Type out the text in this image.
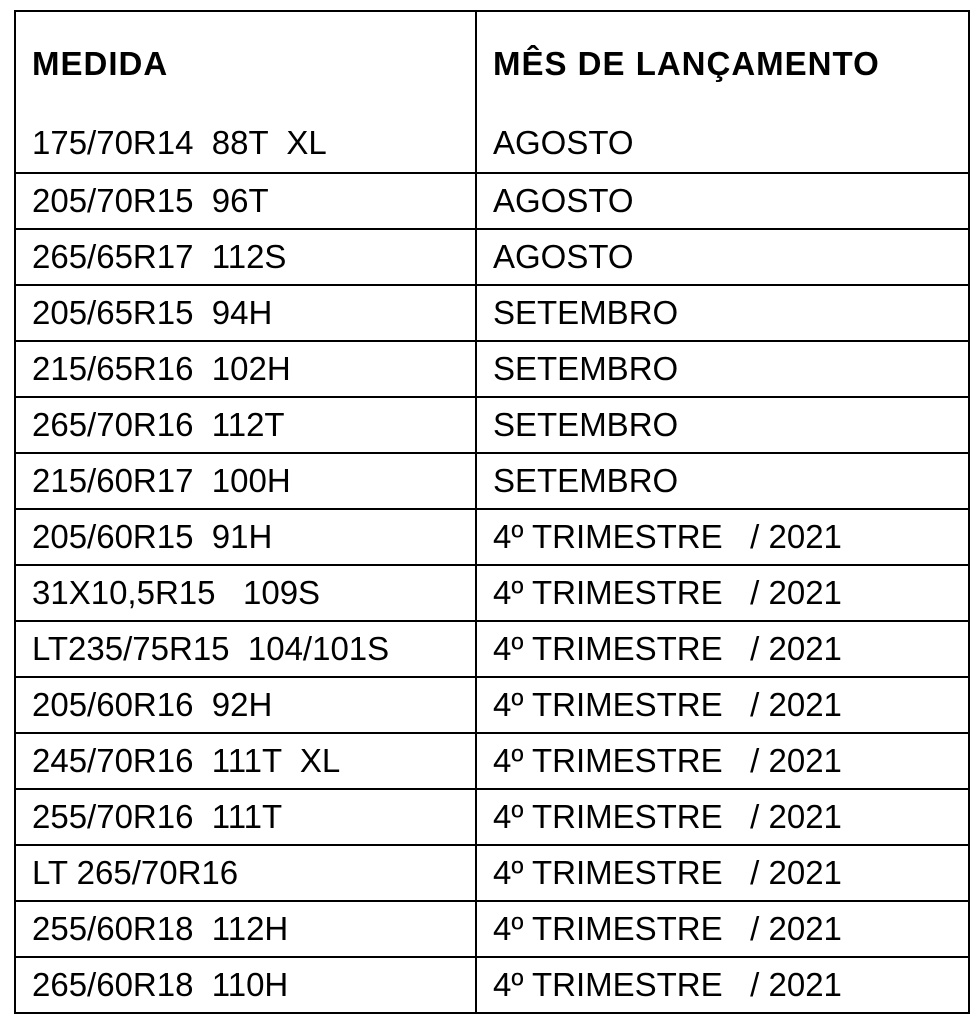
MEDIDA	MÊS DE LANÇAMENTO
175/70R14  88T  XL	AGOSTO
205/70R15  96T	AGOSTO
265/65R17  112S	AGOSTO
205/65R15  94H	SETEMBRO
215/65R16  102H	SETEMBRO
265/70R16  112T	SETEMBRO
215/60R17  100H	SETEMBRO
205/60R15  91H	4º TRIMESTRE   / 2021
31X10,5R15   109S	4º TRIMESTRE   / 2021
LT235/75R15  104/101S	4º TRIMESTRE   / 2021
205/60R16  92H	4º TRIMESTRE   / 2021
245/70R16  111T  XL	4º TRIMESTRE   / 2021
255/70R16  111T	4º TRIMESTRE   / 2021
LT 265/70R16	4º TRIMESTRE   / 2021
255/60R18  112H	4º TRIMESTRE   / 2021
265/60R18  110H	4º TRIMESTRE   / 2021
